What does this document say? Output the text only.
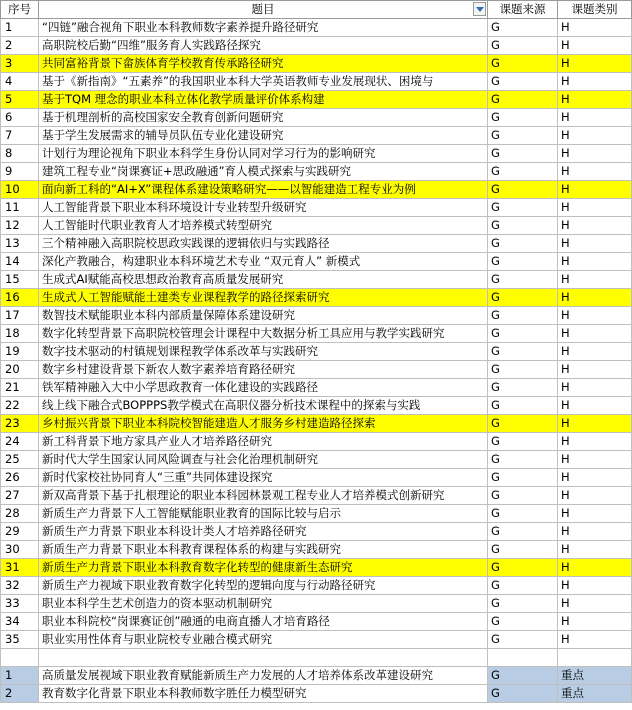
序号	题目	课题来源	课题类别
1	“四链”融合视角下职业本科教师数字素养提升路径研究	G	H
2	高职院校后勤“四维”服务育人实践路径探究	G	H
3	共同富裕背景下畲族体育学校教育传承路径研究	G	H
4	基于《新指南》“五素养”的我国职业本科大学英语教师专业发展现状、困境与	G	H
5	基于TQM 理念的职业本科立体化教学质量评价体系构建	G	H
6	基于机理剖析的高校国家安全教育创新问题研究	G	H
7	基于学生发展需求的辅导员队伍专业化建设研究	G	H
8	计划行为理论视角下职业本科学生身份认同对学习行为的影响研究	G	H
9	建筑工程专业“岗课赛证+思政融通”育人模式探索与实践研究	G	H
10	面向新工科的“AI+X”课程体系建设策略研究——以智能建造工程专业为例	G	H
11	人工智能背景下职业本科环境设计专业转型升级研究	G	H
12	人工智能时代职业教育人才培养模式转型研究	G	H
13	三个精神融入高职院校思政实践课的逻辑依归与实践路径	G	H
14	深化产教融合，构建职业本科环境艺术专业 “双元育人” 新模式	G	H
15	生成式AI赋能高校思想政治教育高质量发展研究	G	H
16	生成式人工智能赋能土建类专业课程教学的路径探索研究	G	H
17	数智技术赋能职业本科内部质量保障体系建设研究	G	H
18	数字化转型背景下高职院校管理会计课程中大数据分析工具应用与教学实践研究	G	H
19	数字技术驱动的村镇规划课程教学体系改革与实践研究	G	H
20	数字乡村建设背景下新农人数字素养培育路径研究	G	H
21	铁军精神融入大中小学思政教育一体化建设的实践路径	G	H
22	线上线下融合式BOPPPS教学模式在高职仪器分析技术课程中的探索与实践	G	H
23	乡村振兴背景下职业本科院校智能建造人才服务乡村建造路径探索	G	H
24	新工科背景下地方家具产业人才培养路径研究	G	H
25	新时代大学生国家认同风险调查与社会化治理机制研究	G	H
26	新时代家校社协同育人“三重”共同体建设探究	G	H
27	新双高背景下基于扎根理论的职业本科园林景观工程专业人才培养模式创新研究	G	H
28	新质生产力背景下人工智能赋能职业教育的国际比较与启示	G	H
29	新质生产力背景下职业本科设计类人才培养路径研究	G	H
30	新质生产力背景下职业本科教育课程体系的构建与实践研究	G	H
31	新质生产力背景下职业本科教育数字化转型的健康新生态研究	G	H
32	新质生产力视域下职业教育数字化转型的逻辑向度与行动路径研究	G	H
33	职业本科学生艺术创造力的资本驱动机制研究	G	H
34	职业本科院校“岗课赛证创”融通的电商直播人才培育路径	G	H
35	职业实用性体育与职业院校专业融合模式研究	G	H

1	高质量发展视域下职业教育赋能新质生产力发展的人才培养体系改革建设研究	G	重点
2	教育数字化背景下职业本科教师数字胜任力模型研究	G	重点
